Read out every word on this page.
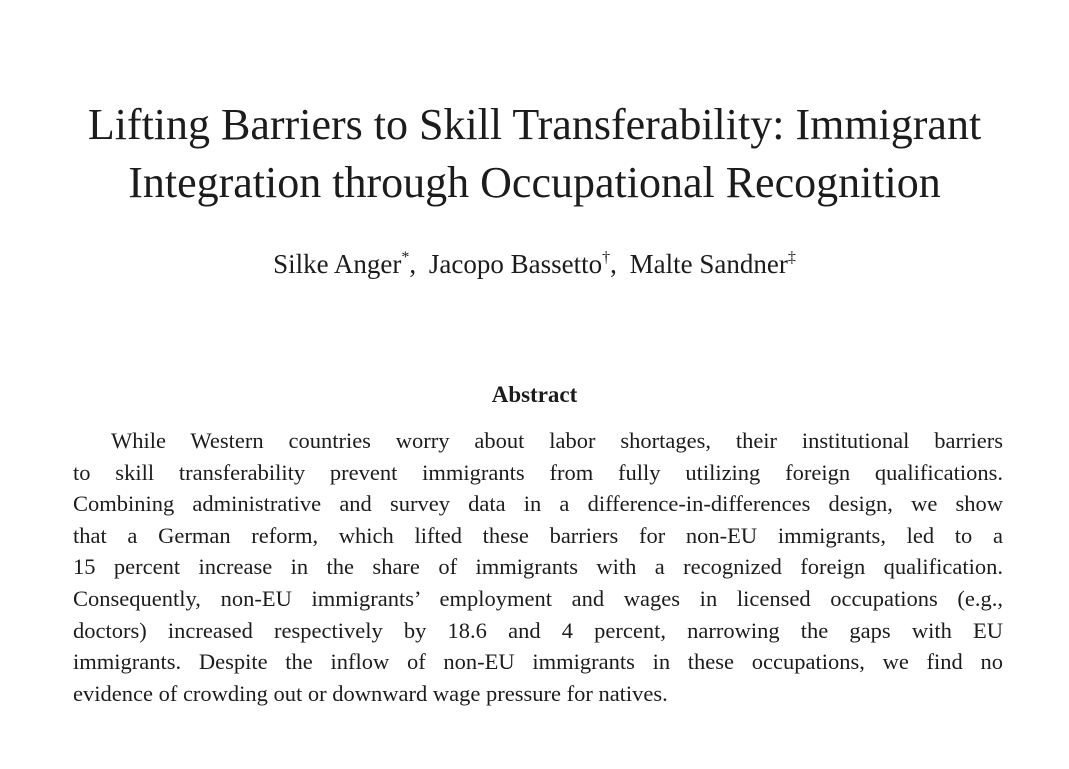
Lifting Barriers to Skill Transferability: Immigrant
Integration through Occupational Recognition
Silke Anger*, Jacopo Bassetto†, Malte Sandner‡
Abstract
While Western countries worry about labor shortages, their institutional barriers
to skill transferability prevent immigrants from fully utilizing foreign qualifications.
Combining administrative and survey data in a difference-in-differences design, we show
that a German reform, which lifted these barriers for non-EU immigrants, led to a
15 percent increase in the share of immigrants with a recognized foreign qualification.
Consequently, non-EU immigrants’ employment and wages in licensed occupations (e.g.,
doctors) increased respectively by 18.6 and 4 percent, narrowing the gaps with EU
immigrants. Despite the inflow of non-EU immigrants in these occupations, we find no
evidence of crowding out or downward wage pressure for natives.
